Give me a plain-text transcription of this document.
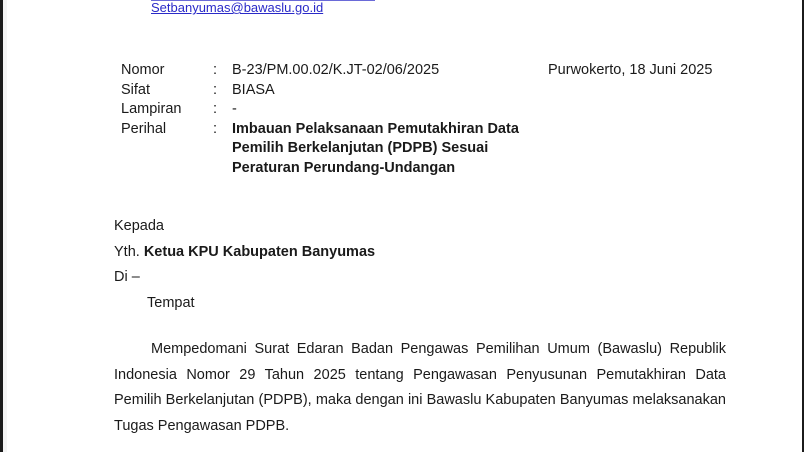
Setbanyumas@bawaslu.go.id
Nomor	: B-23/PM.00.02/K.JT-02/06/2025
Sifat	: BIASA
Lampiran : -
Perihal	: Imbauan Pelaksanaan Pemutakhiran Data
Pemilih Berkelanjutan (PDPB) Sesuai
Peraturan Perundang-Undangan
Purwokerto, 18 Juni 2025
Kepada
Yth. Ketua KPU Kabupaten Banyumas
Di –
Tempat

Mempedomani Surat Edaran Badan Pengawas Pemilihan Umum (Bawaslu) Republik Indonesia Nomor 29 Tahun 2025 tentang Pengawasan Penyusunan Pemutakhiran Data Pemilih Berkelanjutan (PDPB), maka dengan ini Bawaslu Kabupaten Banyumas melaksanakan Tugas Pengawasan PDPB.
